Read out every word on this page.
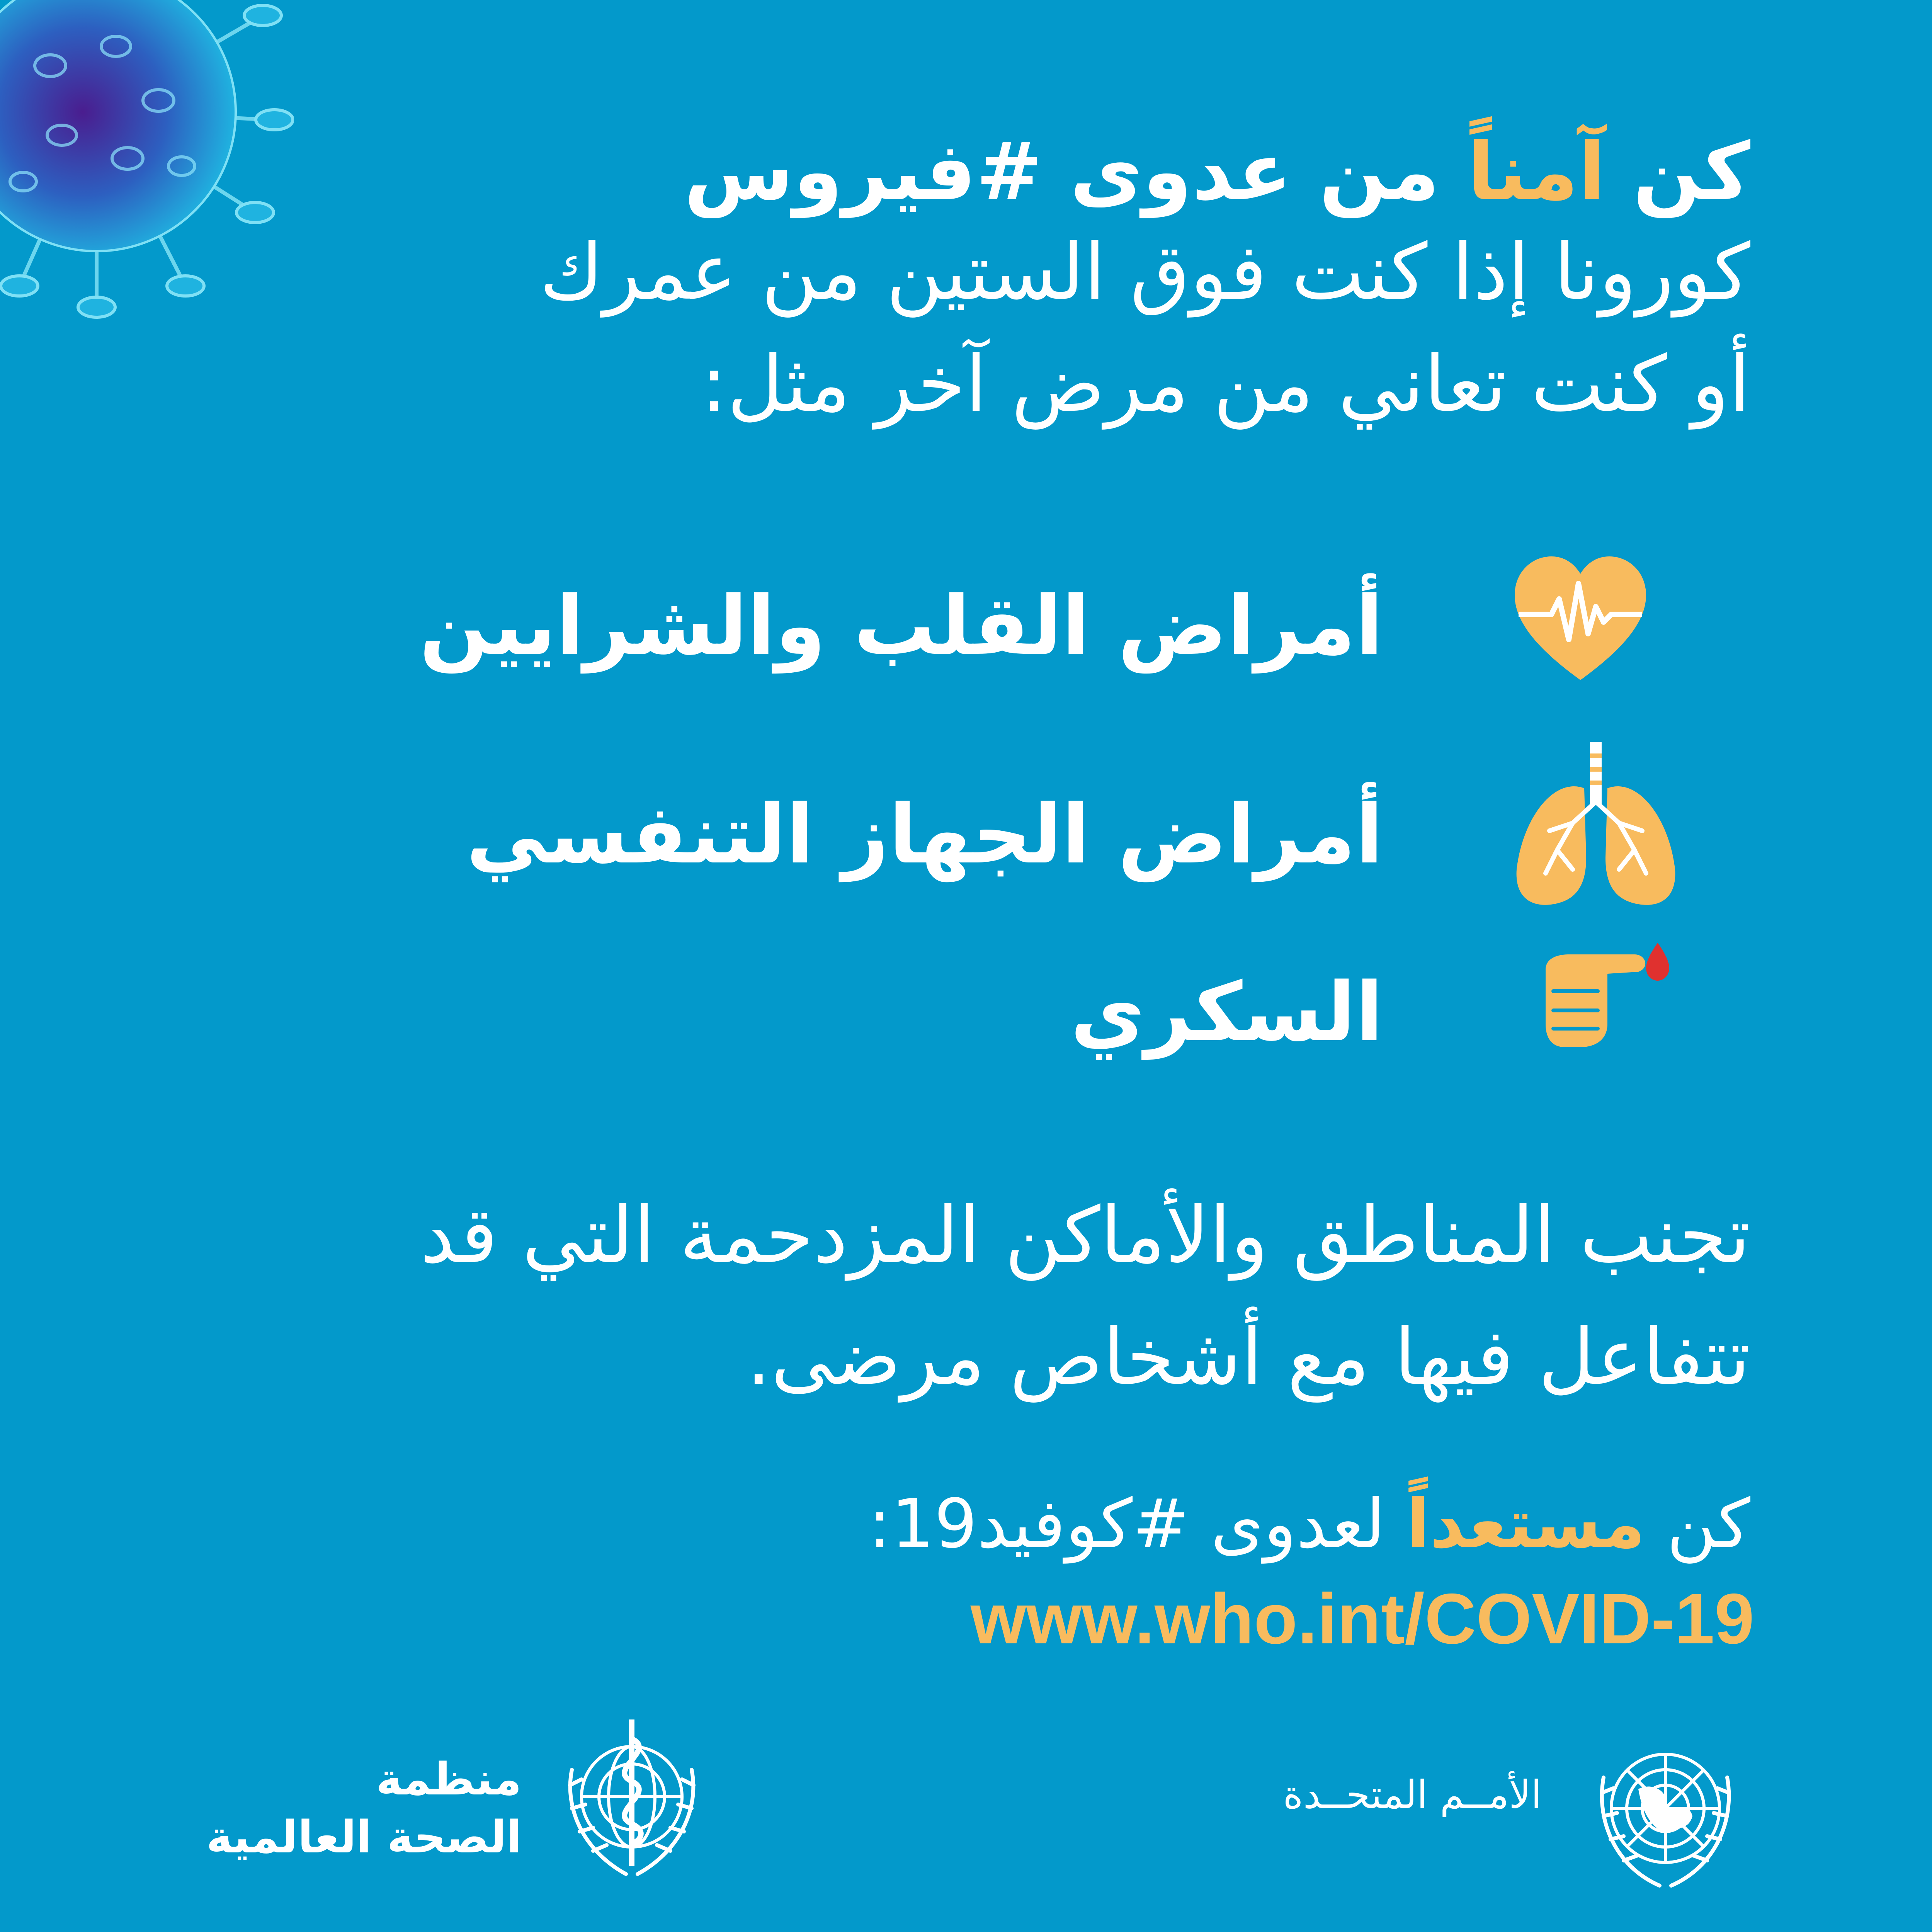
كن آمناً من عدوى #فيروس

كورونا إذا كنت فوق الستين من عمرك

أو كنت تعاني من مرض آخر مثل:

أمراض القلب والشرايين
أمراض الجهاز التنفسي
السكري
تجنب المناطق والأماكن المزدحمة التي قد
تتفاعل فيها مع أشخاص مرضى.
كن مستعداً لعدوى #كوفيد19:
www.who.int/COVID-19
منظمة
الصحة العالمية
الأمــم المتحــدة
